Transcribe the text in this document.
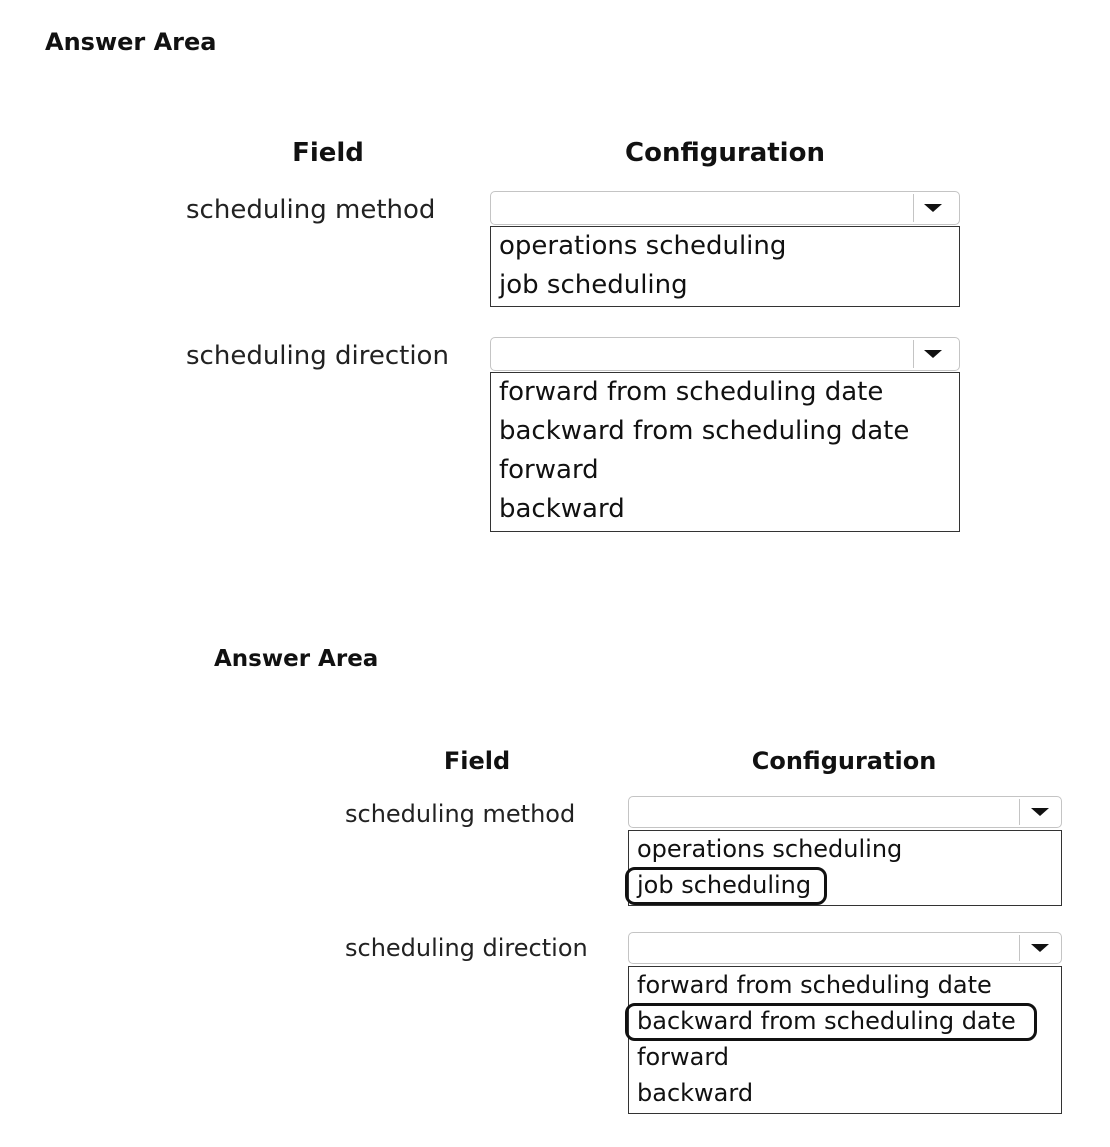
Answer Area
Field	Configuration
scheduling method
operations scheduling
job scheduling
scheduling direction
forward from scheduling date
backward from scheduling date
forward
backward
Answer Area
Field	Configuration
scheduling method
operations scheduling
job scheduling
scheduling direction
forward from scheduling date
backward from scheduling date
forward
backward
